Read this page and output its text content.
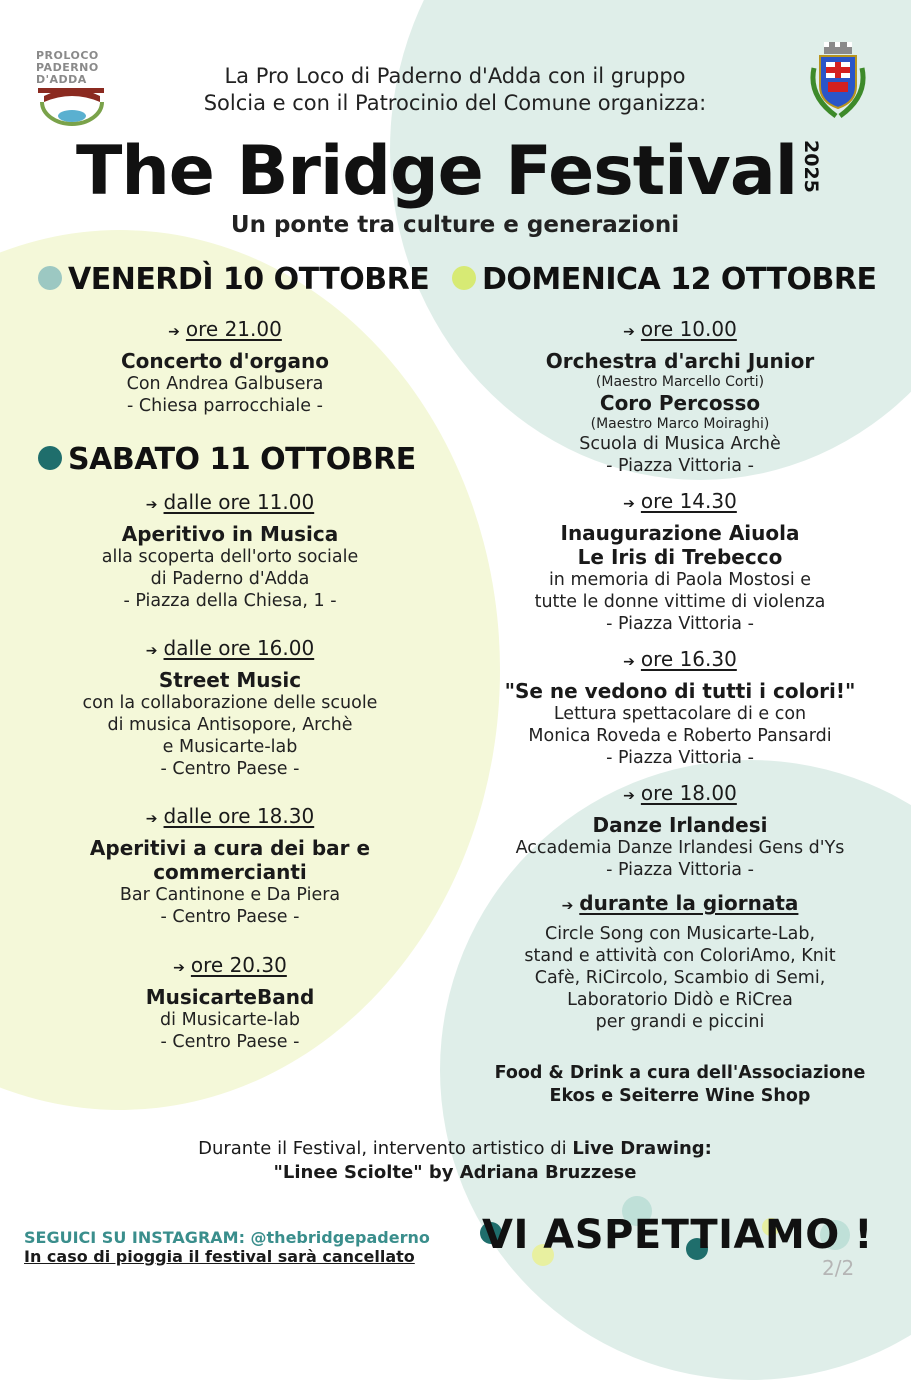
PROLOCO
PADERNO
D'ADDA	La Pro Loco di Paderno d'Adda con il gruppo
Solcia e con il Patrocinio del Comune organizza:
The Bridge Festival 2025
Un ponte tra culture e generazioni
VENERDÌ 10 OTTOBRE
➔ ore 21.00
Concerto d'organo
Con Andrea Galbusera
- Chiesa parrocchiale -
SABATO 11 OTTOBRE
➔ dalle ore 11.00
Aperitivo in Musica
alla scoperta dell'orto sociale
di Paderno d'Adda
- Piazza della Chiesa, 1 -
➔ dalle ore 16.00
Street Music
con la collaborazione delle scuole
di musica Antisopore, Archè
e Musicarte-lab
- Centro Paese -
➔ dalle ore 18.30
Aperitivi a cura dei bar e
commercianti
Bar Cantinone e Da Piera
- Centro Paese -
➔ ore 20.30
MusicarteBand
di Musicarte-lab
- Centro Paese -
DOMENICA 12 OTTOBRE
➔ ore 10.00
Orchestra d'archi Junior
(Maestro Marcello Corti)
Coro Percosso
(Maestro Marco Moiraghi)
Scuola di Musica Archè
- Piazza Vittoria -
➔ ore 14.30
Inaugurazione Aiuola
Le Iris di Trebecco
in memoria di Paola Mostosi e
tutte le donne vittime di violenza
- Piazza Vittoria -
➔ ore 16.30
"Se ne vedono di tutti i colori!"
Lettura spettacolare di e con
Monica Roveda e Roberto Pansardi
- Piazza Vittoria -
➔ ore 18.00
Danze Irlandesi
Accademia Danze Irlandesi Gens d'Ys
- Piazza Vittoria -
➔ durante la giornata
Circle Song con Musicarte-Lab,
stand e attività con ColoriAmo, Knit
Cafè, RiCircolo, Scambio di Semi,
Laboratorio Didò e RiCrea
per grandi e piccini
Food & Drink a cura dell'Associazione
Ekos e Seiterre Wine Shop
Durante il Festival, intervento artistico di Live Drawing:
"Linee Sciolte" by Adriana Bruzzese
SEGUICI SU INSTAGRAM: @thebridgepaderno
In caso di pioggia il festival sarà cancellato VI ASPETTIAMO !
2/2
